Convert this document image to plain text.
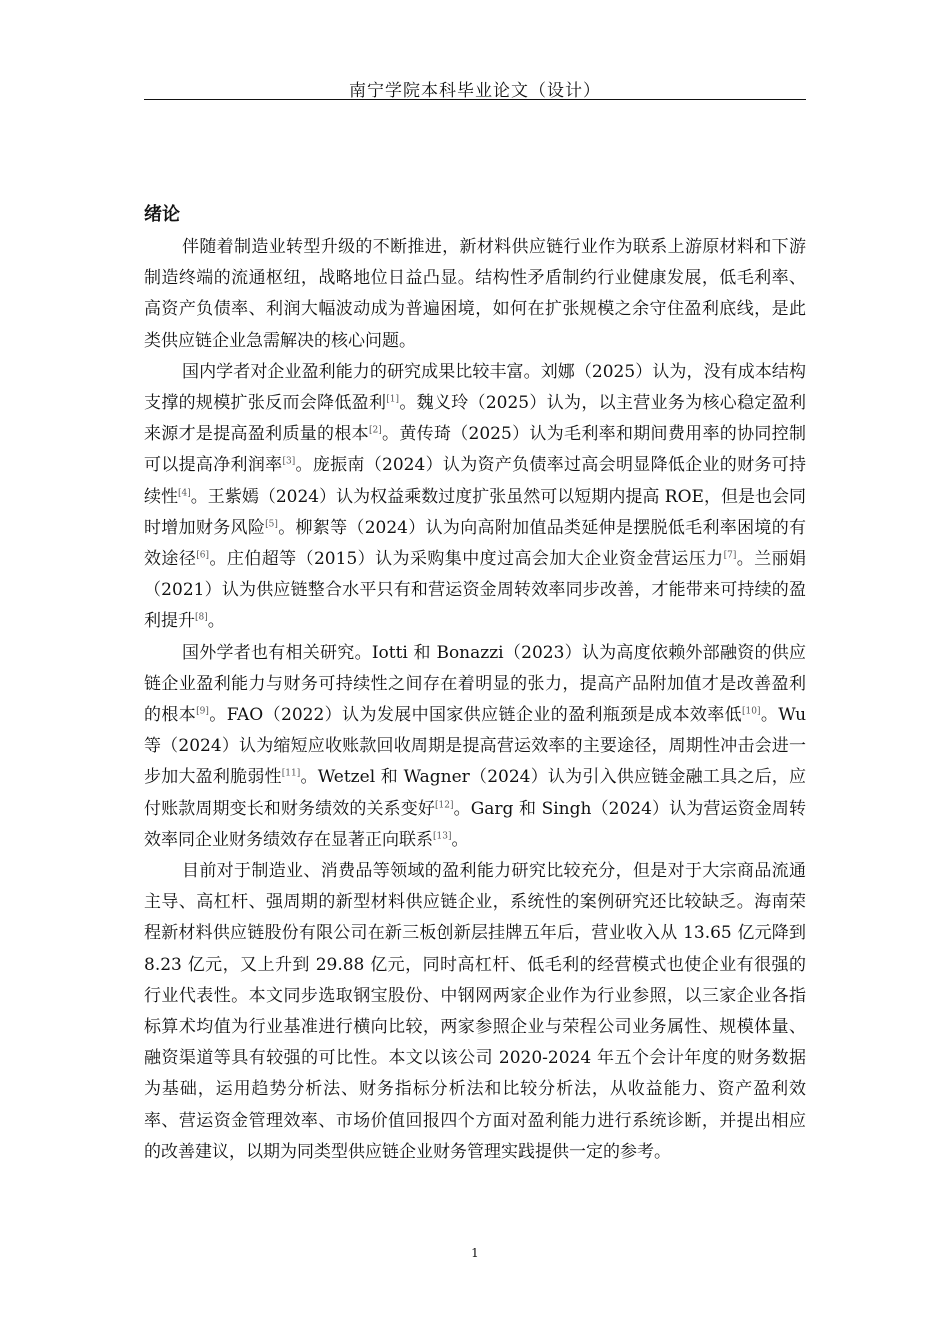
南宁学院本科毕业论文（设计）
绪论

伴随着制造业转型升级的不断推进，新材料供应链行业作为联系上游原材料和下游制造终端的流通枢纽，战略地位日益凸显。结构性矛盾制约行业健康发展，低毛利率、高资产负债率、利润大幅波动成为普遍困境，如何在扩张规模之余守住盈利底线，是此类供应链企业急需解决的核心问题。

国内学者对企业盈利能力的研究成果比较丰富。刘娜（2025）认为，没有成本结构支撑的规模扩张反而会降低盈利[1]。魏义玲（2025）认为，以主营业务为核心稳定盈利来源才是提高盈利质量的根本[2]。黄传琦（2025）认为毛利率和期间费用率的协同控制可以提高净利润率[3]。庞振南（2024）认为资产负债率过高会明显降低企业的财务可持续性[4]。王紫嫣（2024）认为权益乘数过度扩张虽然可以短期内提高 ROE，但是也会同时增加财务风险[5]。柳絮等（2024）认为向高附加值品类延伸是摆脱低毛利率困境的有效途径[6]。庄伯超等（2015）认为采购集中度过高会加大企业资金营运压力[7]。兰丽娟（2021）认为供应链整合水平只有和营运资金周转效率同步改善，才能带来可持续的盈利提升[8]。

国外学者也有相关研究。Iotti 和 Bonazzi（2023）认为高度依赖外部融资的供应链企业盈利能力与财务可持续性之间存在着明显的张力，提高产品附加值才是改善盈利的根本[9]。FAO（2022）认为发展中国家供应链企业的盈利瓶颈是成本效率低[10]。Wu 等（2024）认为缩短应收账款回收周期是提高营运效率的主要途径，周期性冲击会进一步加大盈利脆弱性[11]。Wetzel 和 Wagner（2024）认为引入供应链金融工具之后，应付账款周期变长和财务绩效的关系变好[12]。Garg 和 Singh（2024）认为营运资金周转效率同企业财务绩效存在显著正向联系[13]。

目前对于制造业、消费品等领域的盈利能力研究比较充分，但是对于大宗商品流通主导、高杠杆、强周期的新型材料供应链企业，系统性的案例研究还比较缺乏。海南荣程新材料供应链股份有限公司在新三板创新层挂牌五年后，营业收入从 13.65 亿元降到 8.23 亿元，又上升到 29.88 亿元，同时高杠杆、低毛利的经营模式也使企业有很强的行业代表性。本文同步选取钢宝股份、中钢网两家企业作为行业参照，以三家企业各指标算术均值为行业基准进行横向比较，两家参照企业与荣程公司业务属性、规模体量、融资渠道等具有较强的可比性。本文以该公司 2020-2024 年五个会计年度的财务数据为基础，运用趋势分析法、财务指标分析法和比较分析法，从收益能力、资产盈利效率、营运资金管理效率、市场价值回报四个方面对盈利能力进行系统诊断，并提出相应的改善建议，以期为同类型供应链企业财务管理实践提供一定的参考。

1
